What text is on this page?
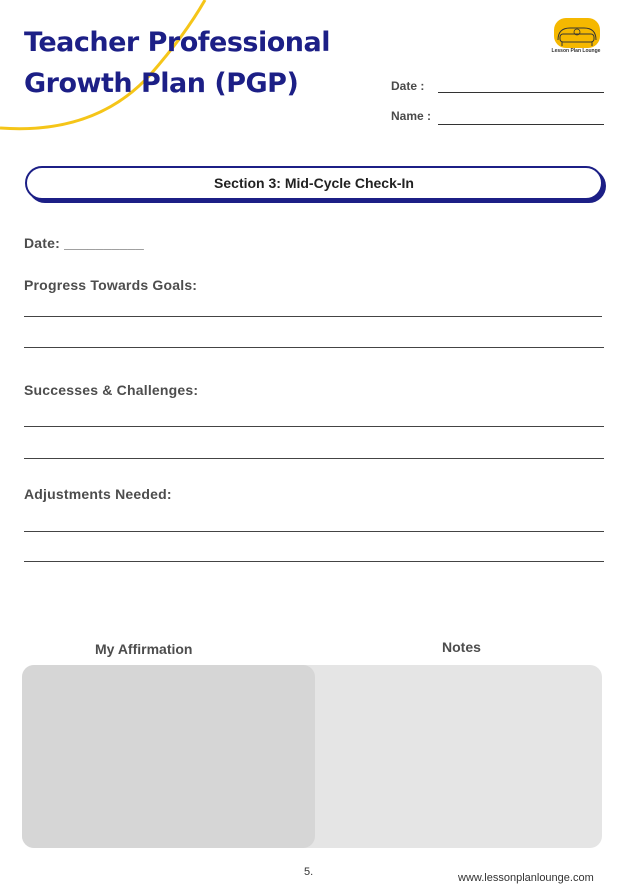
Teacher Professional
Growth Plan (PGP)
Lesson Plan Lounge
Date :
Name :
Section 3: Mid-Cycle Check-In
Date: __________
Progress Towards Goals:
Successes & Challenges:
Adjustments Needed:
My Affirmation	Notes
5.	www.lessonplanlounge.com
